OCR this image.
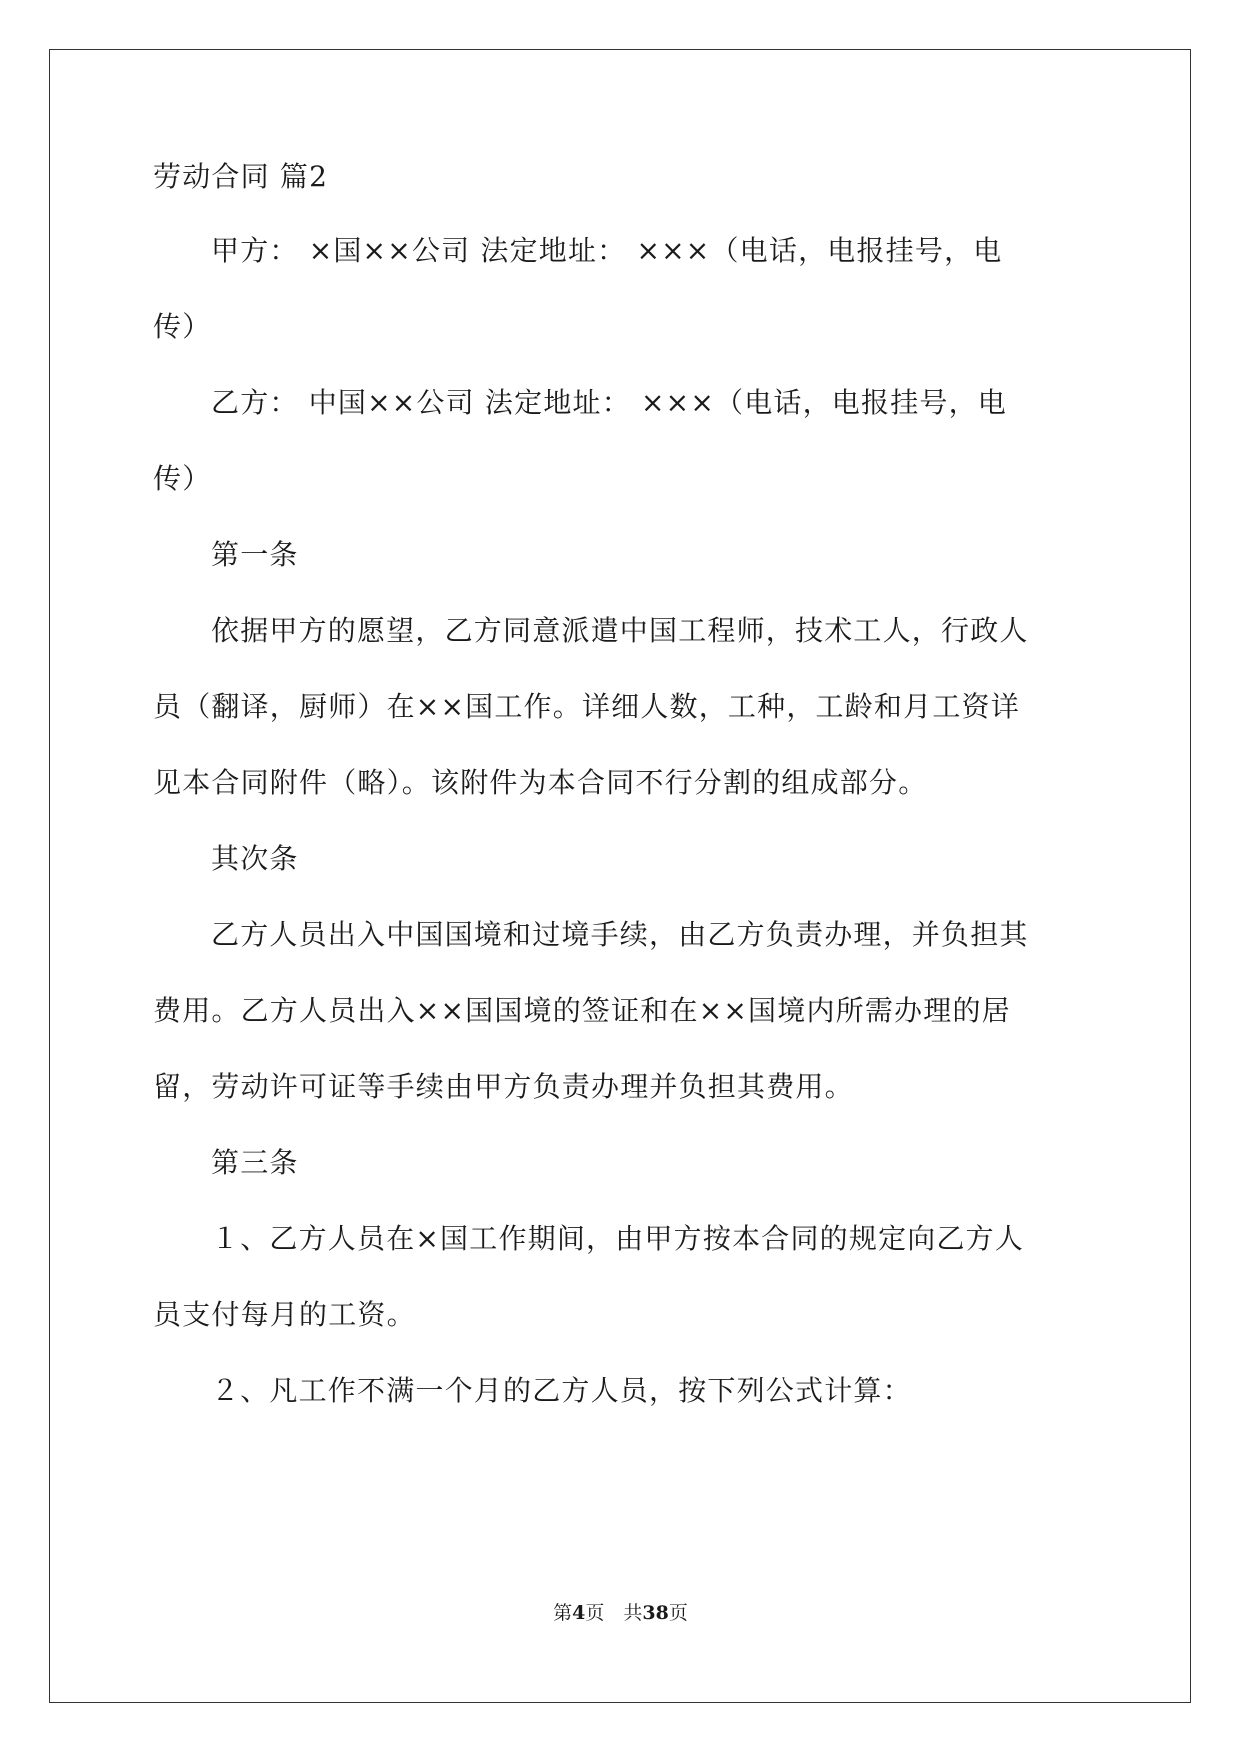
劳动合同 篇2
甲方： ×国××公司 法定地址： ×××（电话，电报挂号，电
传）
乙方： 中国××公司 法定地址： ×××（电话，电报挂号，电
传）
第一条
依据甲方的愿望，乙方同意派遣中国工程师，技术工人，行政人
员（翻译，厨师）在××国工作。详细人数，工种，工龄和月工资详
见本合同附件（略）。该附件为本合同不行分割的组成部分。
其次条
乙方人员出入中国国境和过境手续，由乙方负责办理，并负担其
费用。乙方人员出入××国国境的签证和在××国境内所需办理的居
留，劳动许可证等手续由甲方负责办理并负担其费用。
第三条
１、乙方人员在×国工作期间，由甲方按本合同的规定向乙方人
员支付每月的工资。
２、凡工作不满一个月的乙方人员，按下列公式计算：
第4页　共38页
